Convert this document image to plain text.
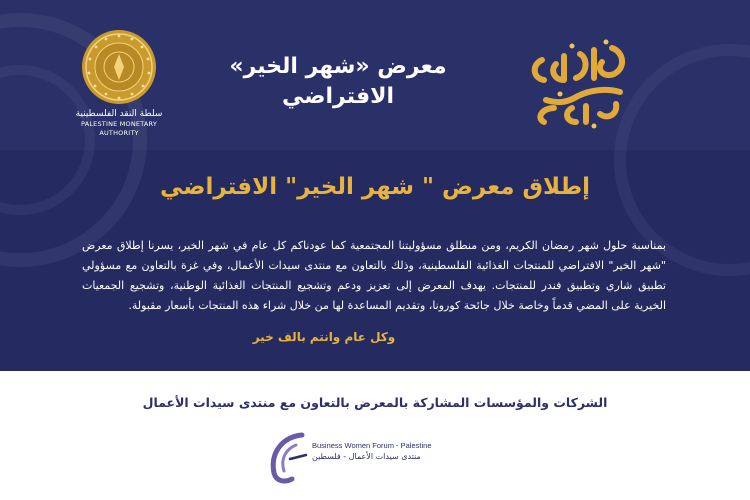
سلطة النقد الفلسطينية
PALESTINE MONETARY AUTHORITY
معرض «شهر الخير»
الافتراضي
إطلاق معرض " شهر الخير" الافتراضي
بمناسبة حلول شهر رمضان الكريم، ومن منطلق مسؤوليتنا المجتمعية كما عودناكم كل عام في شهر الخير، يسرنا إطلاق معرض "شهر الخير" الافتراضي للمنتجات الغذائية الفلسطينية، وذلك بالتعاون مع منتدى سيدات الأعمال، وفي غزة بالتعاون مع مسؤولي تطبيق شاري وتطبيق فندر للمنتجات. يهدف المعرض إلى تعزيز ودعم وتشجيع المنتجات الغذائية الوطنية، وتشجيع الجمعيات الخيرية على المضي قدماً وخاصة خلال جائحة كورونا، وتقديم المساعدة لها من خلال شراء هذه المنتجات بأسعار مقبولة.
وكل عام وانتم بالف خير
الشركات والمؤسسات المشاركة بالمعرض بالتعاون مع منتدى سيدات الأعمال
Business Women Forum - Palestine
منتدى سيدات الأعمال - فلسطين
